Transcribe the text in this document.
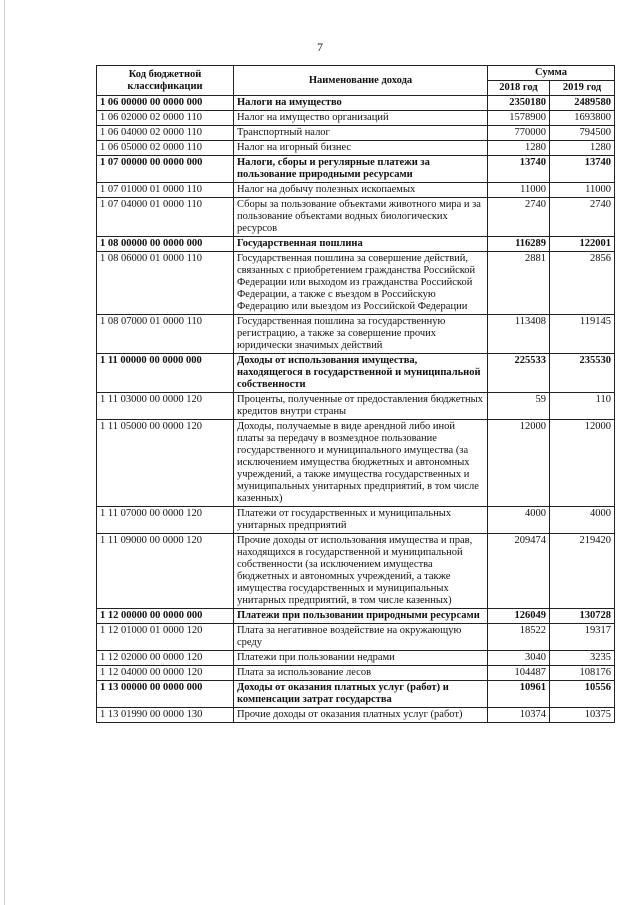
7
Код бюджетной классификации	Наименование дохода	Сумма	
		2018 год	2019 год
1 06 00000 00 0000 000	Налоги на имущество	2350180	2489580
1 06 02000 02 0000 110	Налог на имущество организаций	1578900	1693800
1 06 04000 02 0000 110	Транспортный налог	770000	794500
1 06 05000 02 0000 110	Налог на игорный бизнес	1280	1280
1 07 00000 00 0000 000	Налоги, сборы и регулярные платежи за пользование природными ресурсами	13740	13740
1 07 01000 01 0000 110	Налог на добычу полезных ископаемых	11000	11000
1 07 04000 01 0000 110	Сборы за пользование объектами животного мира и за пользование объектами водных биологических ресурсов	2740	2740
1 08 00000 00 0000 000	Государственная пошлина	116289	122001
1 08 06000 01 0000 110	Государственная пошлина за совершение действий, связанных с приобретением гражданства Российской Федерации или выходом из гражданства Российской Федерации, а также с въездом в Российскую Федерацию или выездом из Российской Федерации	2881	2856
1 08 07000 01 0000 110	Государственная пошлина за государственную регистрацию, а также за совершение прочих юридически значимых действий	113408	119145
1 11 00000 00 0000 000	Доходы от использования имущества, находящегося в государственной и муниципальной собственности	225533	235530
1 11 03000 00 0000 120	Проценты, полученные от предоставления бюджетных кредитов внутри страны	59	110
1 11 05000 00 0000 120	Доходы, получаемые в виде арендной либо иной платы за передачу в возмездное пользование государственного и муниципального имущества (за исключением имущества бюджетных и автономных учреждений, а также имущества государственных и муниципальных унитарных предприятий, в том числе казенных)	12000	12000
1 11 07000 00 0000 120	Платежи от государственных и муниципальных унитарных предприятий	4000	4000
1 11 09000 00 0000 120	Прочие доходы от использования имущества и прав, находящихся в государственной и муниципальной собственности (за исключением имущества бюджетных и автономных учреждений, а также имущества государственных и муниципальных унитарных предприятий, в том числе казенных)	209474	219420
1 12 00000 00 0000 000	Платежи при пользовании природными ресурсами	126049	130728
1 12 01000 01 0000 120	Плата за негативное воздействие на окружающую среду	18522	19317
1 12 02000 00 0000 120	Платежи при пользовании недрами	3040	3235
1 12 04000 00 0000 120	Плата за использование лесов	104487	108176
1 13 00000 00 0000 000	Доходы от оказания платных услуг (работ) и компенсации затрат государства	10961	10556
1 13 01990 00 0000 130	Прочие доходы от оказания платных услуг (работ)	10374	10375
